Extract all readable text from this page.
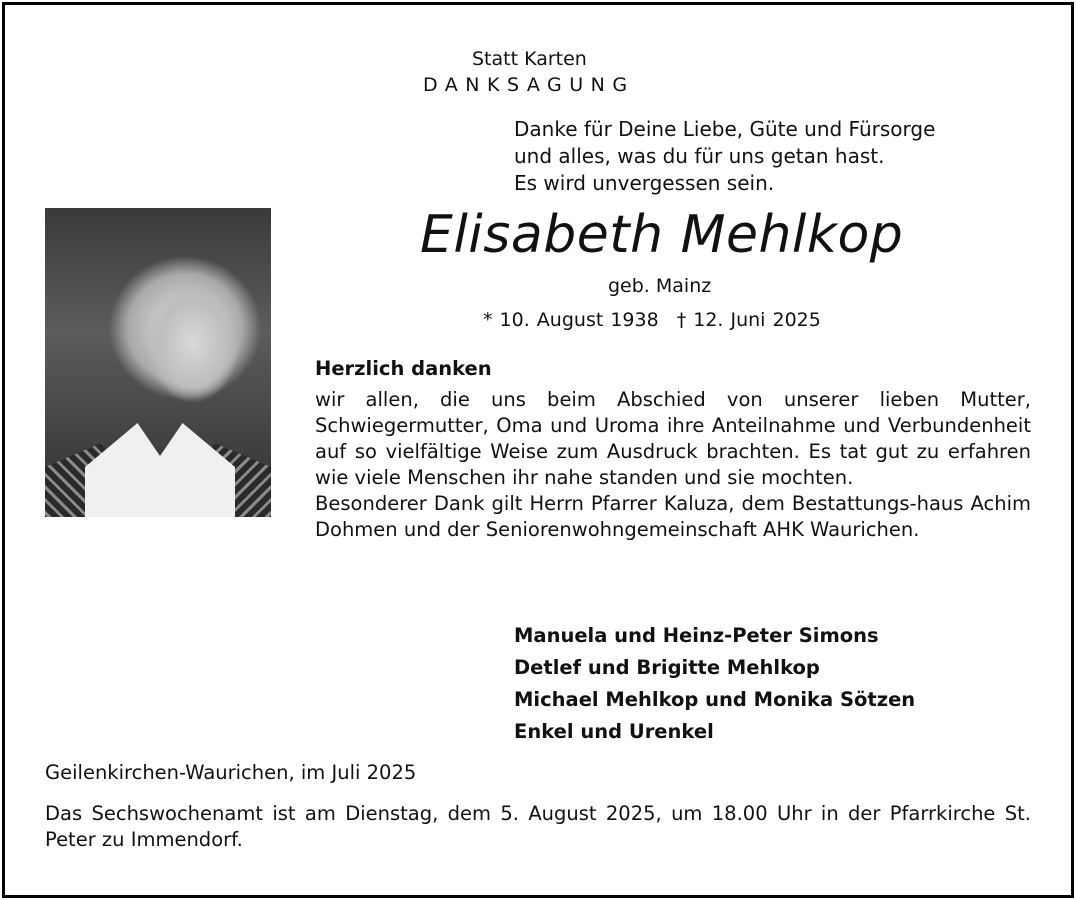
Statt Karten
DANKSAGUNG
Danke für Deine Liebe, Güte und Fürsorge
und alles, was du für uns getan hast.
Es wird unvergessen sein.
Elisabeth Mehlkop
geb. Mainz
* 10. August 1938 † 12. Juni 2025
Herzlich danken
wir allen, die uns beim Abschied von unserer lieben Mutter, Schwiegermutter, Oma und Uroma ihre Anteilnahme und Verbundenheit auf so vielfältige Weise zum Ausdruck brachten. Es tat gut zu erfahren wie viele Menschen ihr nahe standen und sie mochten.
Besonderer Dank gilt Herrn Pfarrer Kaluza, dem Bestattungs-haus Achim Dohmen und der Seniorenwohngemeinschaft AHK Waurichen.
Manuela und Heinz-Peter Simons
Detlef und Brigitte Mehlkop
Michael Mehlkop und Monika Sötzen
Enkel und Urenkel
Geilenkirchen-Waurichen, im Juli 2025
Das Sechswochenamt ist am Dienstag, dem 5. August 2025, um 18.00 Uhr in der Pfarrkirche St. Peter zu Immendorf.
